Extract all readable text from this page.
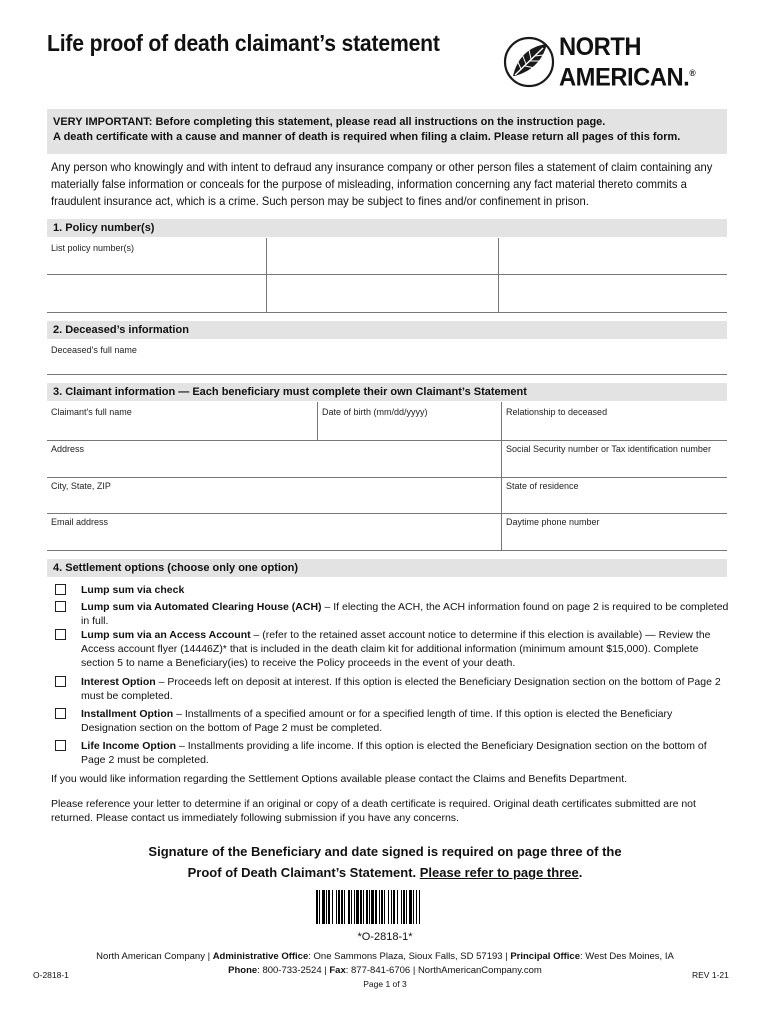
Life proof of death claimant’s statement	NORTH
AMERICAN.®
VERY IMPORTANT: Before completing this statement, please read all instructions on the instruction page.
A death certificate with a cause and manner of death is required when filing a claim. Please return all pages of this form.
Any person who knowingly and with intent to defraud any insurance company or other person files a statement of claim containing any materially false information or conceals for the purpose of misleading, information concerning any fact material thereto commits a fraudulent insurance act, which is a crime. Such person may be subject to fines and/or confinement in prison.
1. Policy number(s)
List policy number(s)
2. Deceased’s information
Deceased’s full name
3. Claimant information — Each beneficiary must complete their own Claimant’s Statement
Claimant's full name	Date of birth (mm/dd/yyyy)	Relationship to deceased
Address	Social Security number or Tax identification number
City, State, ZIP	State of residence
Email address	Daytime phone number
4. Settlement options (choose only one option)
Lump sum via check
Lump sum via Automated Clearing House (ACH) – If electing the ACH, the ACH information found on page 2 is required to be completed in full.
Lump sum via an Access Account – (refer to the retained asset account notice to determine if this election is available) — Review the Access account flyer (14446Z)* that is included in the death claim kit for additional information (minimum amount $15,000). Complete section 5 to name a Beneficiary(ies) to receive the Policy proceeds in the event of your death.
Interest Option – Proceeds left on deposit at interest. If this option is elected the Beneficiary Designation section on the bottom of Page 2 must be completed.
Installment Option – Installments of a specified amount or for a specified length of time. If this option is elected the Beneficiary Designation section on the bottom of Page 2 must be completed.
Life Income Option – Installments providing a life income. If this option is elected the Beneficiary Designation section on the bottom of Page 2 must be completed.
If you would like information regarding the Settlement Options available please contact the Claims and Benefits Department.
Please reference your letter to determine if an original or copy of a death certificate is required. Original death certificates submitted are not returned. Please contact us immediately following submission if you have any concerns.
Signature of the Beneficiary and date signed is required on page three of the
Proof of Death Claimant’s Statement. Please refer to page three.
*O-2818-1*
North American Company | Administrative Office: One Sammons Plaza, Sioux Falls, SD 57193 | Principal Office: West Des Moines, IA
Phone: 800-733-2524 | Fax: 877-841-6706 | NorthAmericanCompany.com
O-2818-1
Page 1 of 3
REV 1-21
